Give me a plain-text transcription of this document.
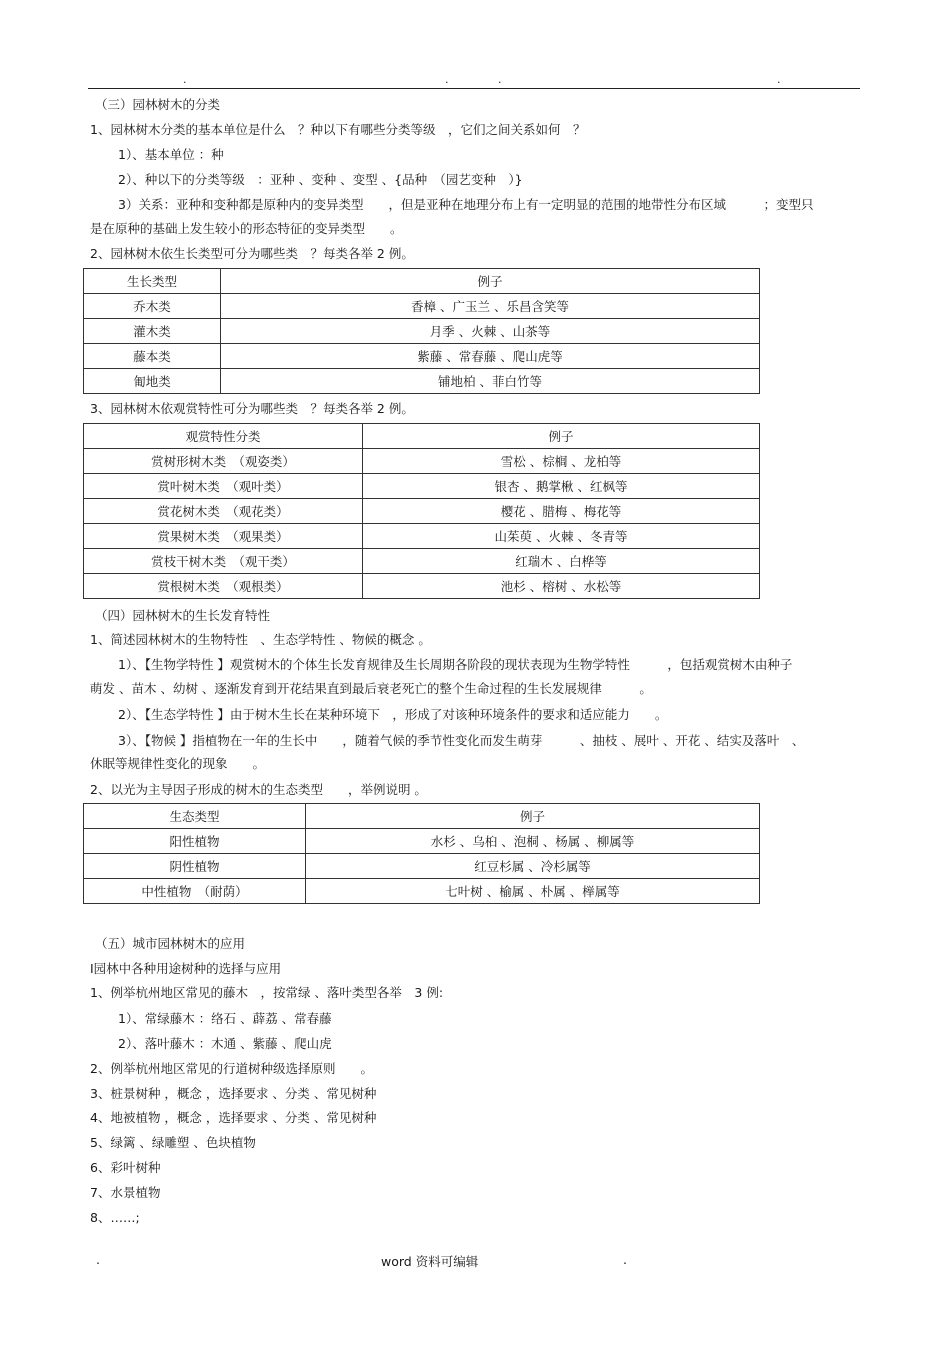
.	.	.	.
（三）园林树木的分类
1、园林树木分类的基本单位是什么　？种以下有哪些分类等级　，它们之间关系如何　？
1）、基本单位 ：种
2）、种以下的分类等级　：亚种 、变种 、变型 、{品种　（园艺变种　）}
3）关系：亚种和变种都是原种内的变异类型　　，但是亚种在地理分布上有一定明显的范围的地带性分布区域　　　；变型只
是在原种的基础上发生较小的形态特征的变异类型　　。
2、园林树木依生长类型可分为哪些类　？每类各举 2 例。
生长类型	例子
乔木类	香樟 、广玉兰 、乐昌含笑等
灌木类	月季 、火棘 、山茶等
藤本类	紫藤 、常春藤 、爬山虎等
匍地类	铺地柏 、菲白竹等
3、园林树木依观赏特性可分为哪些类　？每类各举 2 例。
观赏特性分类	例子
赏树形树木类　（观姿类）	雪松 、棕榈 、龙柏等
赏叶树木类　（观叶类）	银杏 、鹅掌楸 、红枫等
赏花树木类　（观花类）	樱花 、腊梅 、梅花等
赏果树木类　（观果类）	山茱萸 、火棘 、冬青等
赏枝干树木类　（观干类）	红瑞木 、白桦等
赏根树木类　（观根类）	池杉 、榕树 、水松等
（四）园林树木的生长发育特性
1、简述园林树木的生物特性　、生态学特性 、物候的概念 。
1）、【生物学特性 】观赏树木的个体生长发育规律及生长周期各阶段的现状表现为生物学特性　　　，包括观赏树木由种子
萌发 、苗木 、幼树 、逐渐发育到开花结果直到最后衰老死亡的整个生命过程的生长发展规律　　　。
2）、【生态学特性 】由于树木生长在某种环境下　，形成了对该种环境条件的要求和适应能力　　。
3）、【物候 】指植物在一年的生长中　　，随着气候的季节性变化而发生萌芽　　　、抽枝 、展叶 、开花 、结实及落叶　、
休眠等规律性变化的现象　　。
2、以光为主导因子形成的树木的生态类型　　，举例说明 。
生态类型	例子
阳性植物	水杉 、乌桕 、泡桐 、杨属 、柳属等
阴性植物	红豆杉属 、冷杉属等
中性植物　（耐荫）	七叶树 、榆属 、朴属 、榉属等
（五）城市园林树木的应用
Ⅰ园林中各种用途树种的选择与应用
1、例举杭州地区常见的藤木　，按常绿 、落叶类型各举　3 例:
1）、常绿藤木 ：络石 、薜荔 、常春藤
2）、落叶藤木 ：木通 、紫藤 、爬山虎
2、例举杭州地区常见的行道树种级选择原则　　。
3、桩景树种 ，概念 ，选择要求 、分类 、常见树种
4、地被植物 ，概念 ，选择要求 、分类 、常见树种
5、绿篱 、绿雕塑 、色块植物
6、彩叶树种
7、水景植物
8、……;
.	word 资料可编辑	.
